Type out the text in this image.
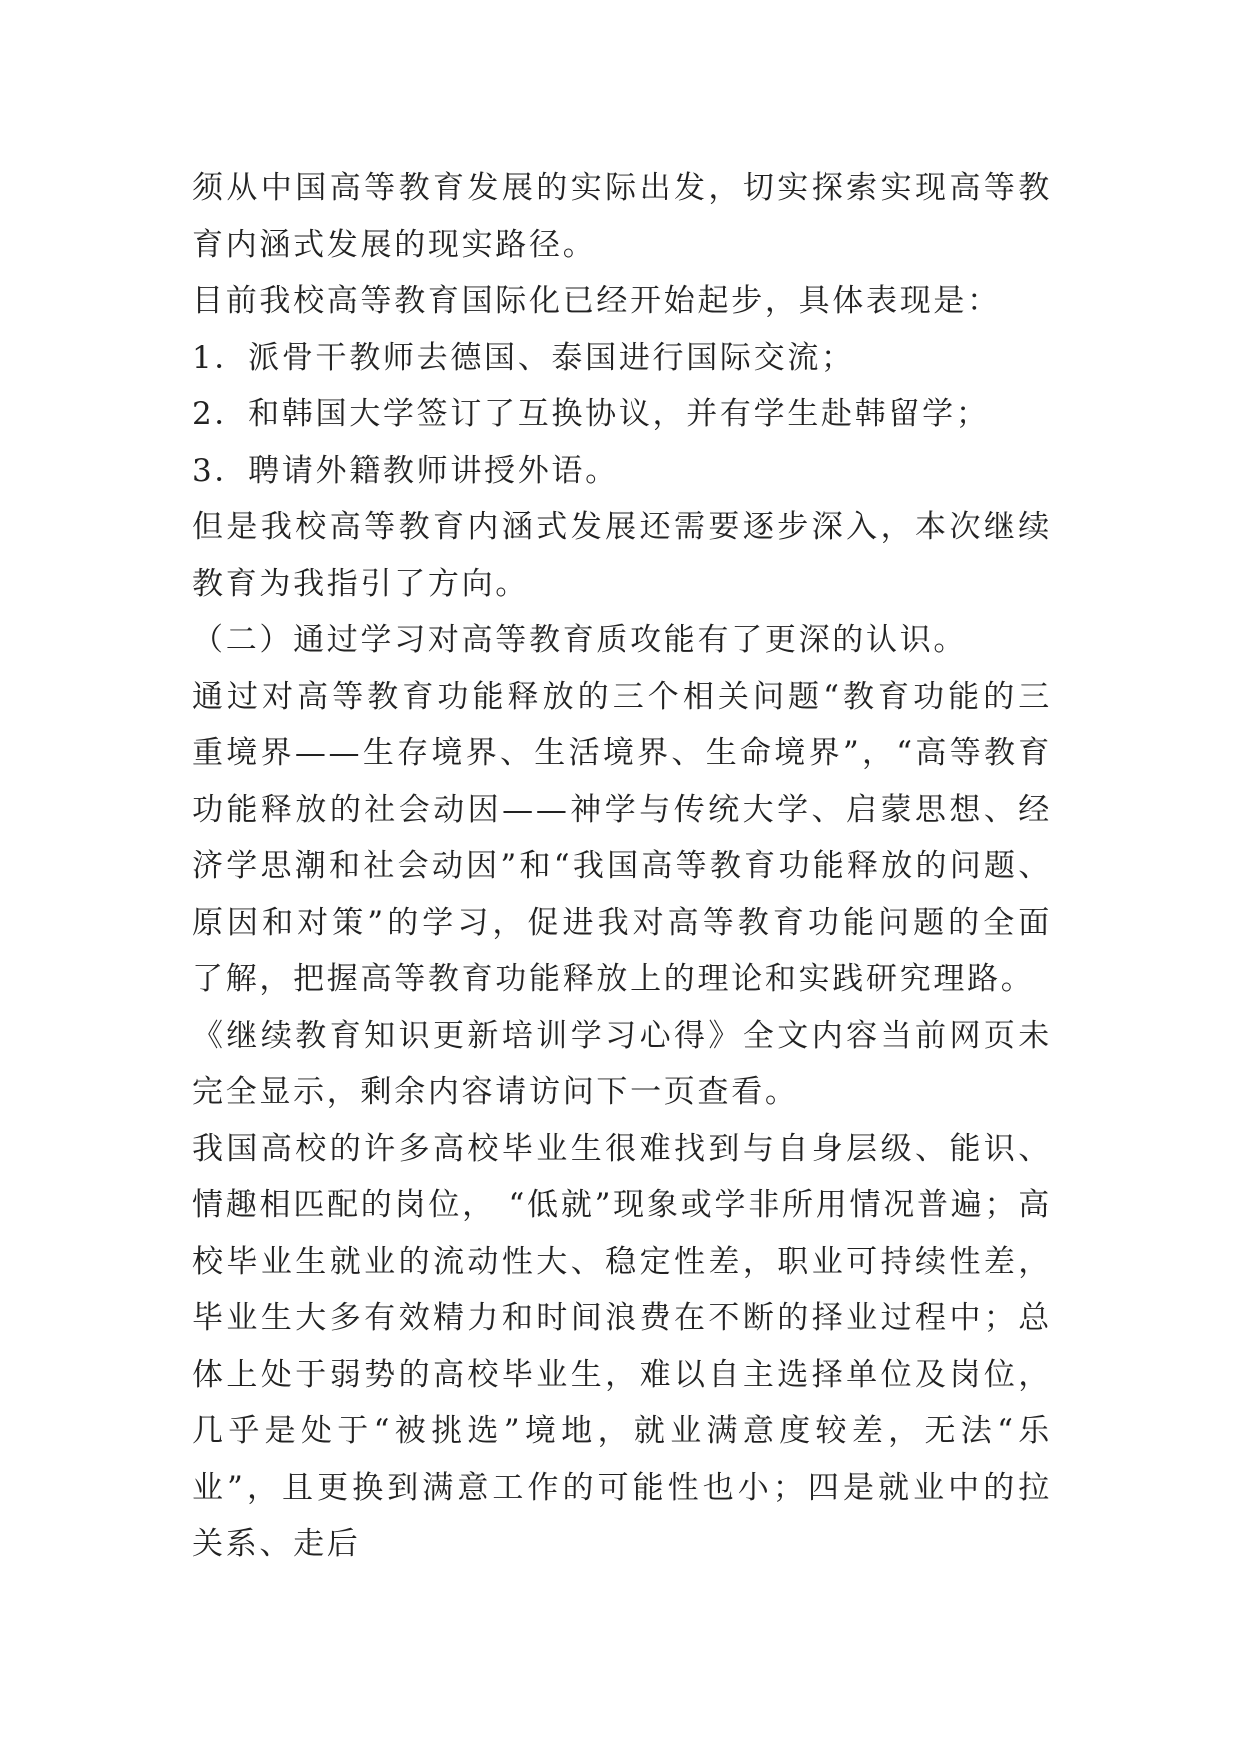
须从中国高等教育发展的实际出发，切实探索实现高等教育内涵式发展的现实路径。

目前我校高等教育国际化已经开始起步，具体表现是：

1．派骨干教师去德国、泰国进行国际交流；

2．和韩国大学签订了互换协议，并有学生赴韩留学；

3．聘请外籍教师讲授外语。

但是我校高等教育内涵式发展还需要逐步深入，本次继续教育为我指引了方向。

（二）通过学习对高等教育质攻能有了更深的认识。

通过对高等教育功能释放的三个相关问题“教育功能的三重境界——生存境界、生活境界、生命境界”，“高等教育功能释放的社会动因——神学与传统大学、启蒙思想、经济学思潮和社会动因”和“我国高等教育功能释放的问题、原因和对策”的学习，促进我对高等教育功能问题的全面了解，把握高等教育功能释放上的理论和实践研究理路。

《继续教育知识更新培训学习心得》全文内容当前网页未完全显示，剩余内容请访问下一页查看。

我国高校的许多高校毕业生很难找到与自身层级、能识、情趣相匹配的岗位， “低就”现象或学非所用情况普遍；高校毕业生就业的流动性大、稳定性差，职业可持续性差，毕业生大多有效精力和时间浪费在不断的择业过程中；总体上处于弱势的高校毕业生，难以自主选择单位及岗位，几乎是处于“被挑选”境地，就业满意度较差，无法“乐业”，且更换到满意工作的可能性也小；四是就业中的拉关系、走后
